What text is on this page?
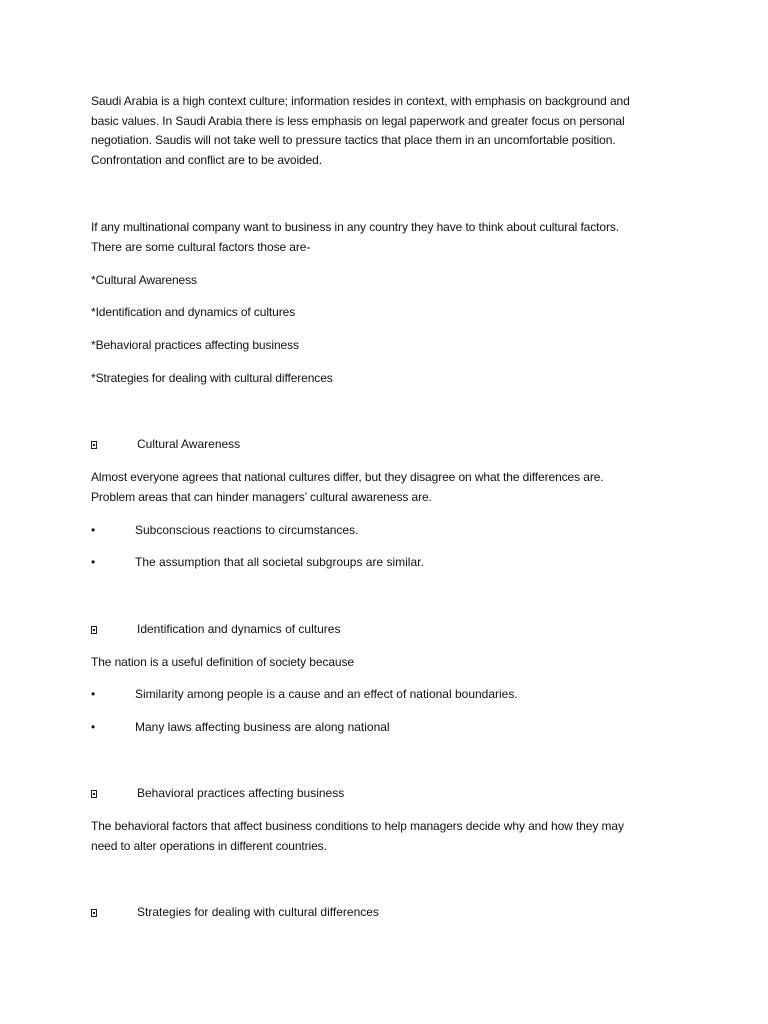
Saudi Arabia is a high context culture; information resides in context, with emphasis on background and
basic values. In Saudi Arabia there is less emphasis on legal paperwork and greater focus on personal
negotiation. Saudis will not take well to pressure tactics that place them in an uncomfortable position.
Confrontation and conflict are to be avoided.
If any multinational company want to business in any country they have to think about cultural factors.
There are some cultural factors those are-
*Cultural Awareness
*Identification and dynamics of cultures
*Behavioral practices affecting business
*Strategies for dealing with cultural differences
Cultural Awareness
Almost everyone agrees that national cultures differ, but they disagree on what the differences are.
Problem areas that can hinder managers’ cultural awareness are.
•	Subconscious reactions to circumstances.
•	The assumption that all societal subgroups are similar.
Identification and dynamics of cultures
The nation is a useful definition of society because
•	Similarity among people is a cause and an effect of national boundaries.
•	Many laws affecting business are along national
Behavioral practices affecting business
The behavioral factors that affect business conditions to help managers decide why and how they may
need to alter operations in different countries.
Strategies for dealing with cultural differences
